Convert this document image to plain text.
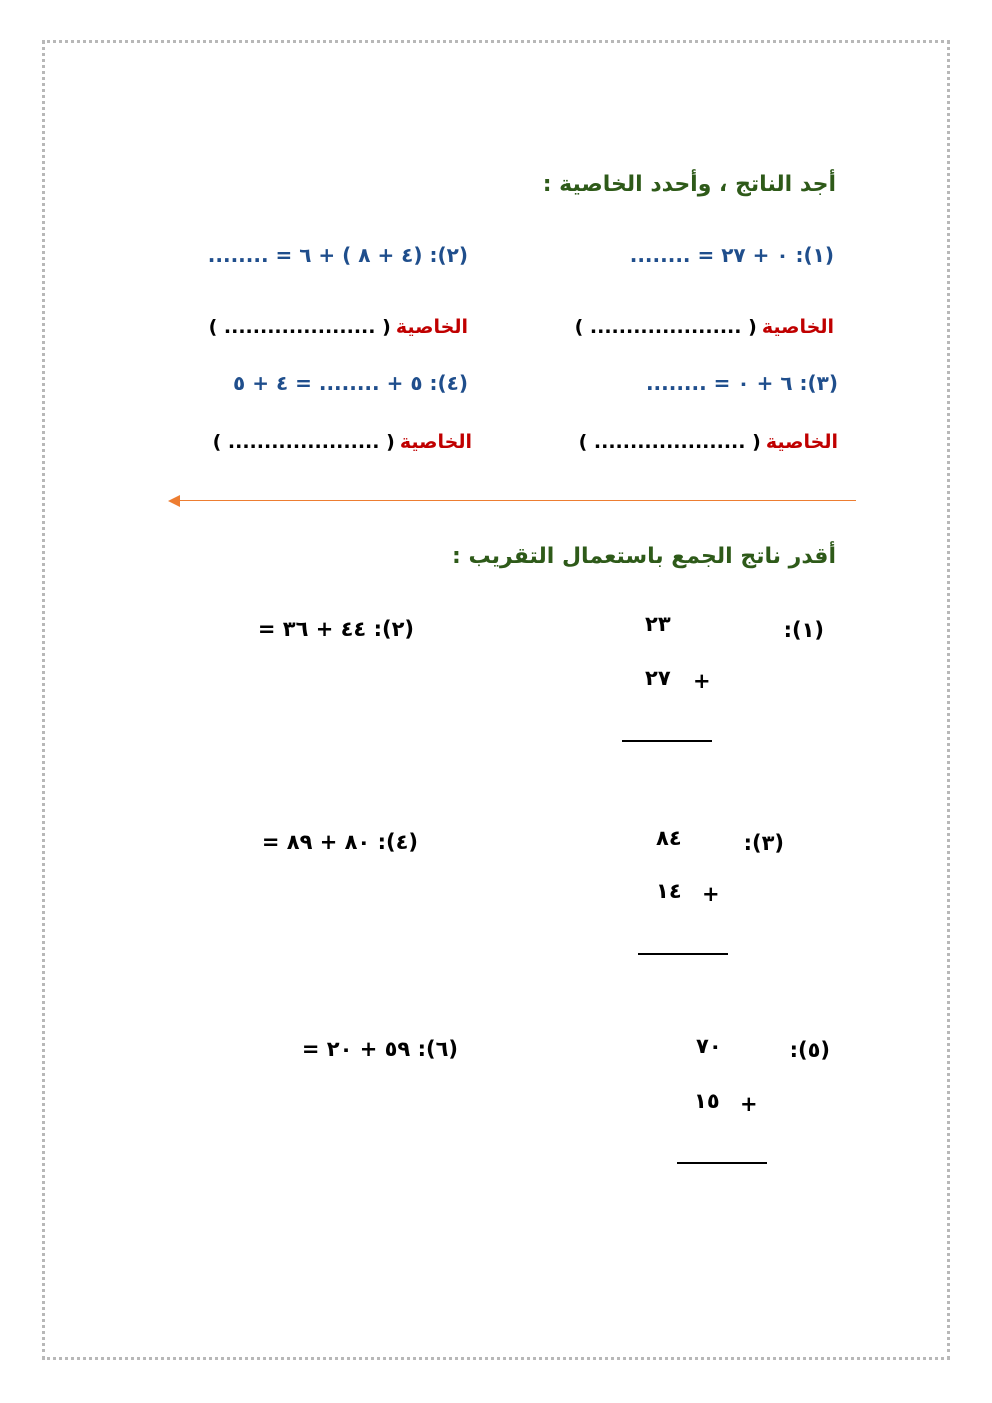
أجد الناتج ، وأحدد الخاصية :
(١): ٠ + ٢٧ = ........
(٢): (٤ + ٨ ) + ٦ = ........
الخاصية ( ..................... )
الخاصية ( ..................... )
(٣): ٦ + ٠ = ........
(٤): ٥ + ........ = ٤ + ٥
الخاصية ( ..................... )
الخاصية ( ..................... )
أقدر ناتج الجمع باستعمال التقريب :
(١):
٢٣
+
٢٧
(٢): ٤٤ + ٣٦ =
(٣):
٨٤
+
١٤
(٤): ٨٠ + ٨٩ =
(٥):
٧٠
+
١٥
(٦): ٥٩ + ٢٠ =
